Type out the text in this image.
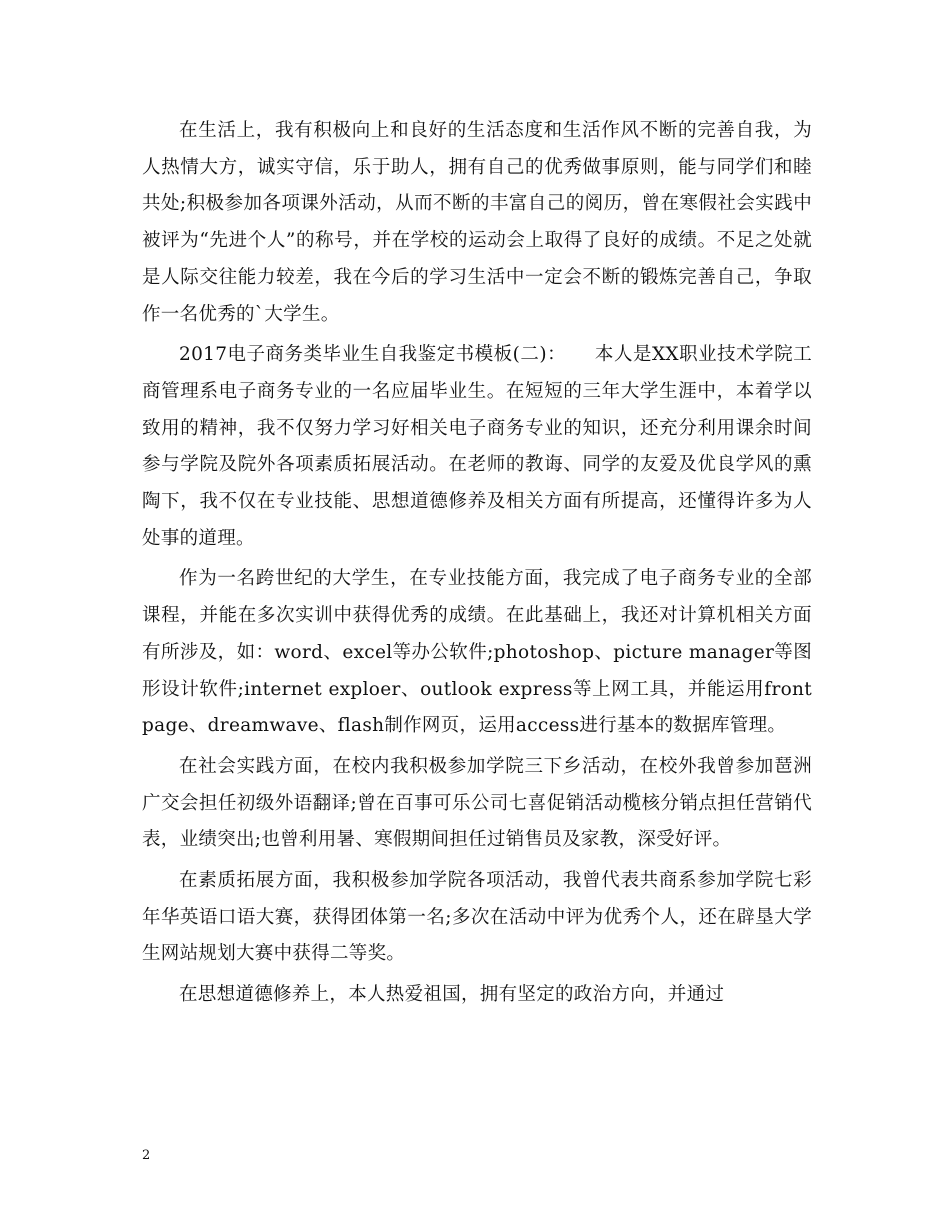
在生活上，我有积极向上和良好的生活态度和生活作风不断的完善自我，为人热情大方，诚实守信，乐于助人，拥有自己的优秀做事原则，能与同学们和睦共处;积极参加各项课外活动，从而不断的丰富自己的阅历，曾在寒假社会实践中被评为“先进个人”的称号，并在学校的运动会上取得了良好的成绩。不足之处就是人际交往能力较差，我在今后的学习生活中一定会不断的锻炼完善自己，争取作一名优秀的`大学生。

2017电子商务类毕业生自我鉴定书模板(二)：　　本人是XX职业技术学院工商管理系电子商务专业的一名应届毕业生。在短短的三年大学生涯中，本着学以致用的精神，我不仅努力学习好相关电子商务专业的知识，还充分利用课余时间参与学院及院外各项素质拓展活动。在老师的教诲、同学的友爱及优良学风的熏陶下，我不仅在专业技能、思想道德修养及相关方面有所提高，还懂得许多为人处事的道理。

作为一名跨世纪的大学生，在专业技能方面，我完成了电子商务专业的全部课程，并能在多次实训中获得优秀的成绩。在此基础上，我还对计算机相关方面有所涉及，如：word、excel等办公软件;photoshop、picture manager等图形设计软件;internet exploer、outlook express等上网工具，并能运用frontpage、dreamwave、flash制作网页，运用access进行基本的数据库管理。

在社会实践方面，在校内我积极参加学院三下乡活动，在校外我曾参加琶洲广交会担任初级外语翻译;曾在百事可乐公司七喜促销活动榄核分销点担任营销代表，业绩突出;也曾利用暑、寒假期间担任过销售员及家教，深受好评。

在素质拓展方面，我积极参加学院各项活动，我曾代表共商系参加学院七彩年华英语口语大赛，获得团体第一名;多次在活动中评为优秀个人，还在辟垦大学生网站规划大赛中获得二等奖。

在思想道德修养上，本人热爱祖国，拥有坚定的政治方向，并通过

2
